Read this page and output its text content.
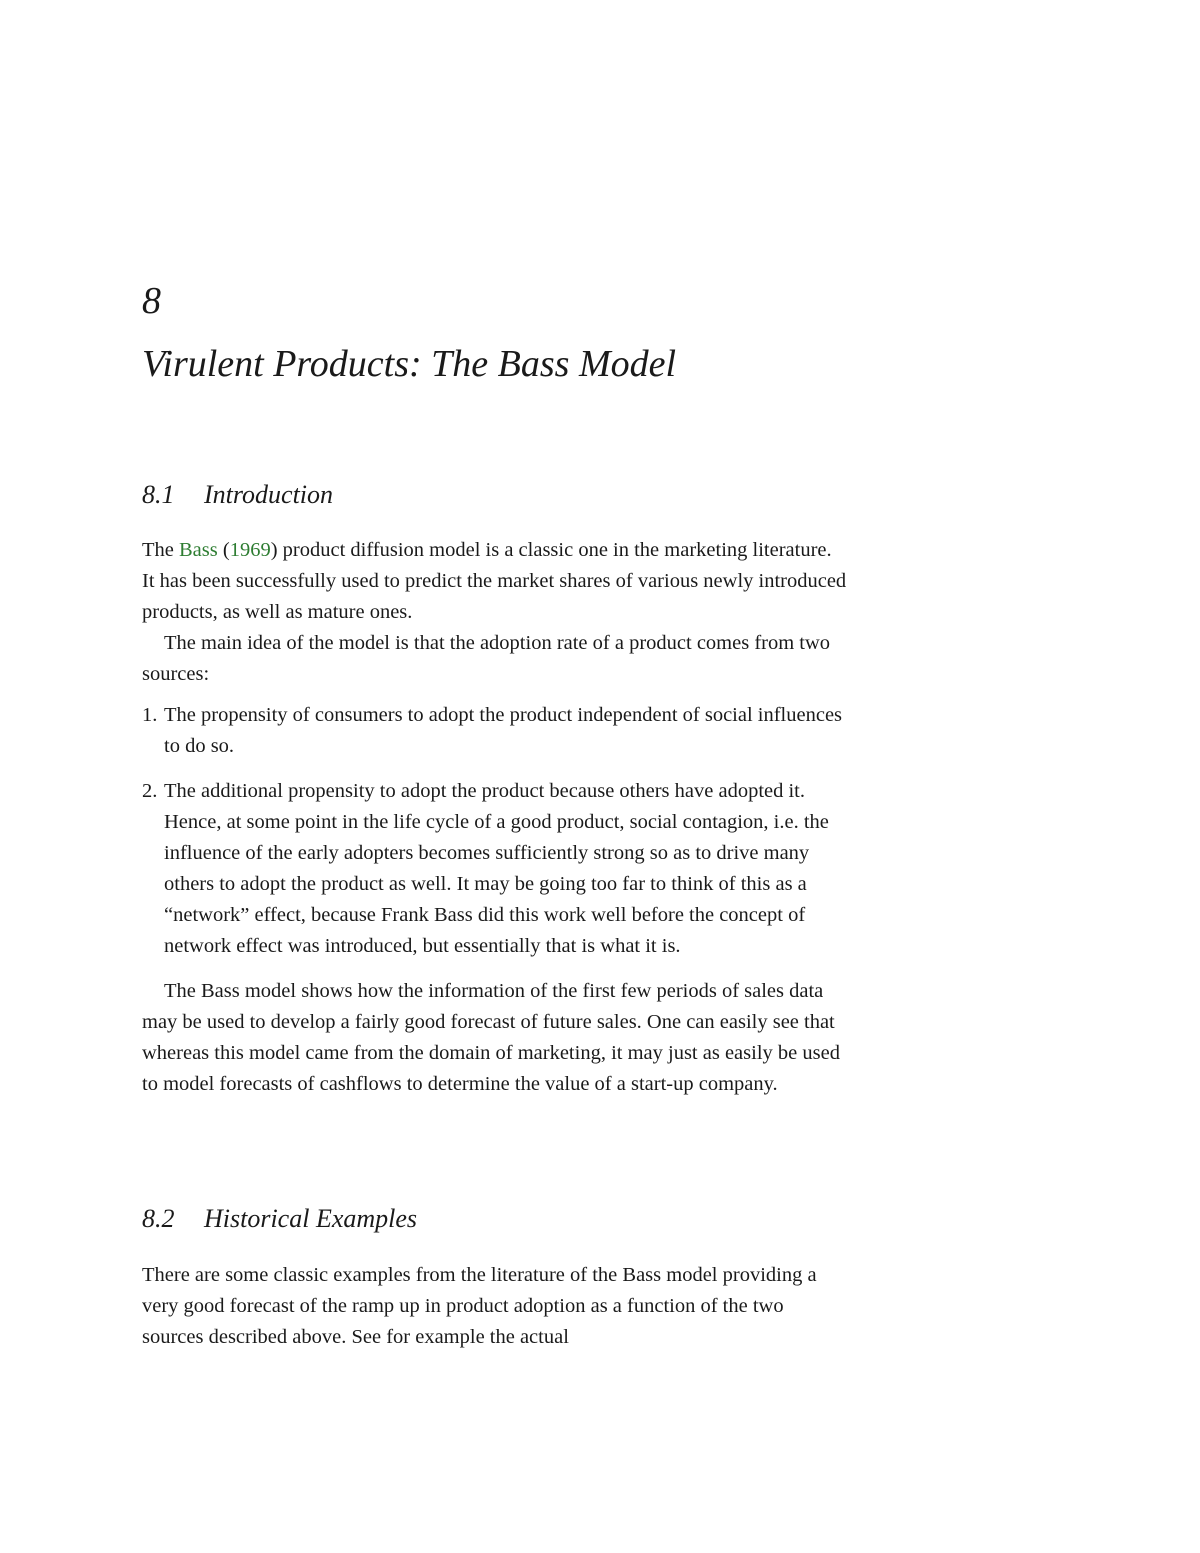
8
Virulent Products: The Bass Model
8.1 Introduction

The Bass (1969) product diffusion model is a classic one in the marketing literature. It has been successfully used to predict the market shares of various newly introduced products, as well as mature ones.

The main idea of the model is that the adoption rate of a product comes from two sources:

1. The propensity of consumers to adopt the product independent of social influences to do so.
2. The additional propensity to adopt the product because others have adopted it. Hence, at some point in the life cycle of a good product, social contagion, i.e. the influence of the early adopters becomes sufficiently strong so as to drive many others to adopt the product as well. It may be going too far to think of this as a “network” effect, because Frank Bass did this work well before the concept of network effect was introduced, but essentially that is what it is.

The Bass model shows how the information of the first few periods of sales data may be used to develop a fairly good forecast of future sales. One can easily see that whereas this model came from the domain of marketing, it may just as easily be used to model forecasts of cashflows to determine the value of a start-up company.

8.2 Historical Examples

There are some classic examples from the literature of the Bass model providing a very good forecast of the ramp up in product adoption as a function of the two sources described above. See for example the actual
